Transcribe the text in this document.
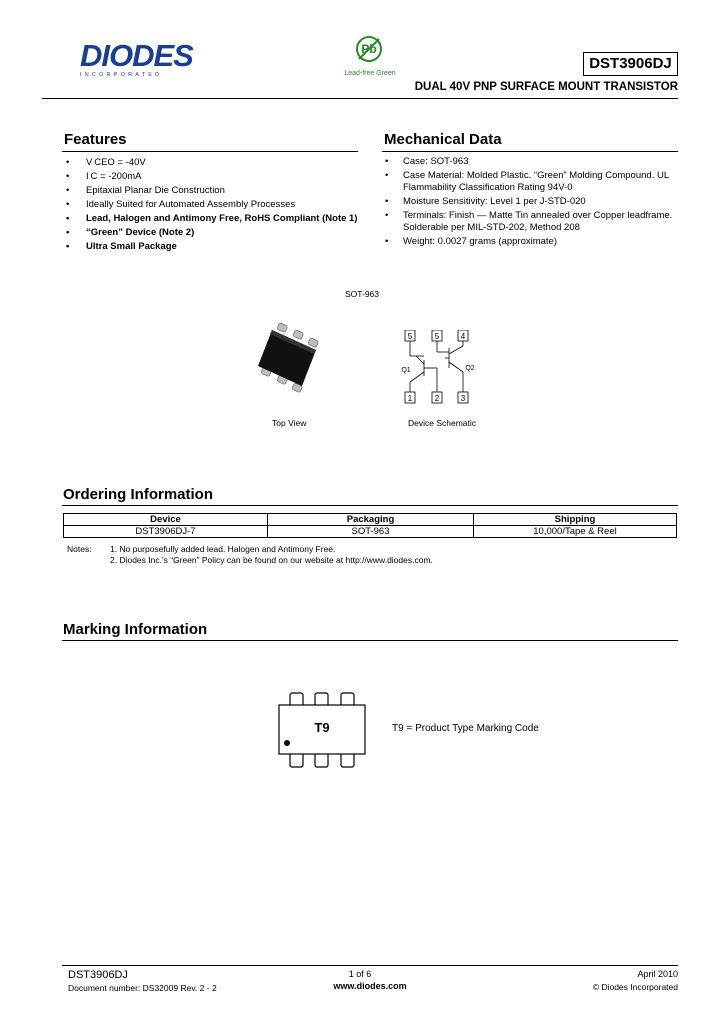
DIODES
INCORPORATED
Pb
Lead-free Green
DST3906DJ
DUAL 40V PNP SURFACE MOUNT TRANSISTOR
Features
• V CEO = -40V
• I C = -200mA
• Epitaxial Planar Die Construction
• Ideally Suited for Automated Assembly Processes
• Lead, Halogen and Antimony Free, RoHS Compliant (Note 1)
• “Green” Device (Note 2)
• Ultra Small Package
Mechanical Data
• Case: SOT-963
• Case Material: Molded Plastic. “Green” Molding Compound. UL Flammability Classification Rating 94V-0
• Moisture Sensitivity: Level 1 per J-STD-020
• Terminals: Finish — Matte Tin annealed over Copper leadframe. Solderable per MIL-STD-202, Method 208
• Weight: 0.0027 grams (approximate)
SOT-963
Top View
5	5	4
1	2	3
Q1	Q2
Device Schematic
Ordering Information
Device	Packaging	Shipping
DST3906DJ-7	SOT-963	10,000/Tape & Reel
Notes: 1. No purposefully added lead. Halogen and Antimony Free.
2. Diodes Inc.'s “Green” Policy can be found on our website at http://www.diodes.com.
Marking Information
T9	T9 = Product Type Marking Code
DST3906DJ
Document number: DS32009 Rev. 2 - 2
1 of 6
www.diodes.com
April 2010
© Diodes Incorporated
